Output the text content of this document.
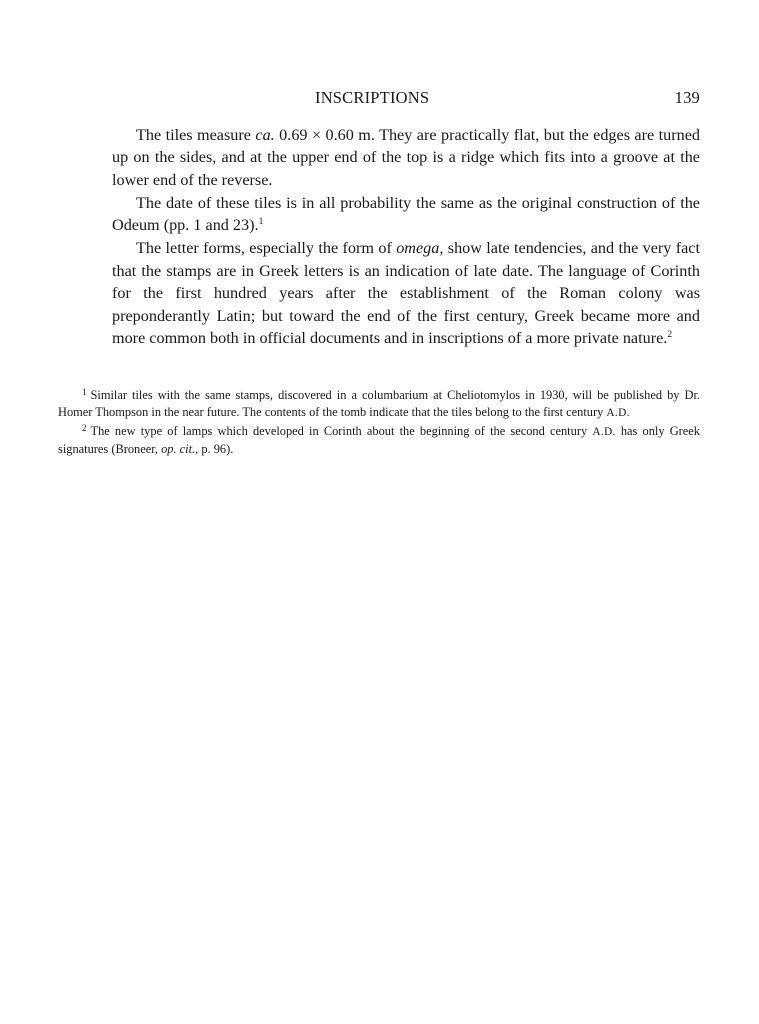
INSCRIPTIONS	139

The tiles measure ca. 0.69 × 0.60 m. They are practically flat, but the edges are turned up on the sides, and at the upper end of the top is a ridge which fits into a groove at the lower end of the reverse.

The date of these tiles is in all probability the same as the original construction of the Odeum (pp. 1 and 23).$^1$

The letter forms, especially the form of omega, show late tendencies, and the very fact that the stamps are in Greek letters is an indication of late date. The language of Corinth for the first hundred years after the establishment of the Roman colony was preponderantly Latin; but toward the end of the first century, Greek became more and more common both in official documents and in inscriptions of a more private nature.$^2$

$^1$ Similar tiles with the same stamps, discovered in a columbarium at Cheliotomylos in 1930, will be published by Dr. Homer Thompson in the near future. The contents of the tomb indicate that the tiles belong to the first century A.D.

$^2$ The new type of lamps which developed in Corinth about the beginning of the second century A.D. has only Greek signatures (Broneer, op. cit., p. 96).
